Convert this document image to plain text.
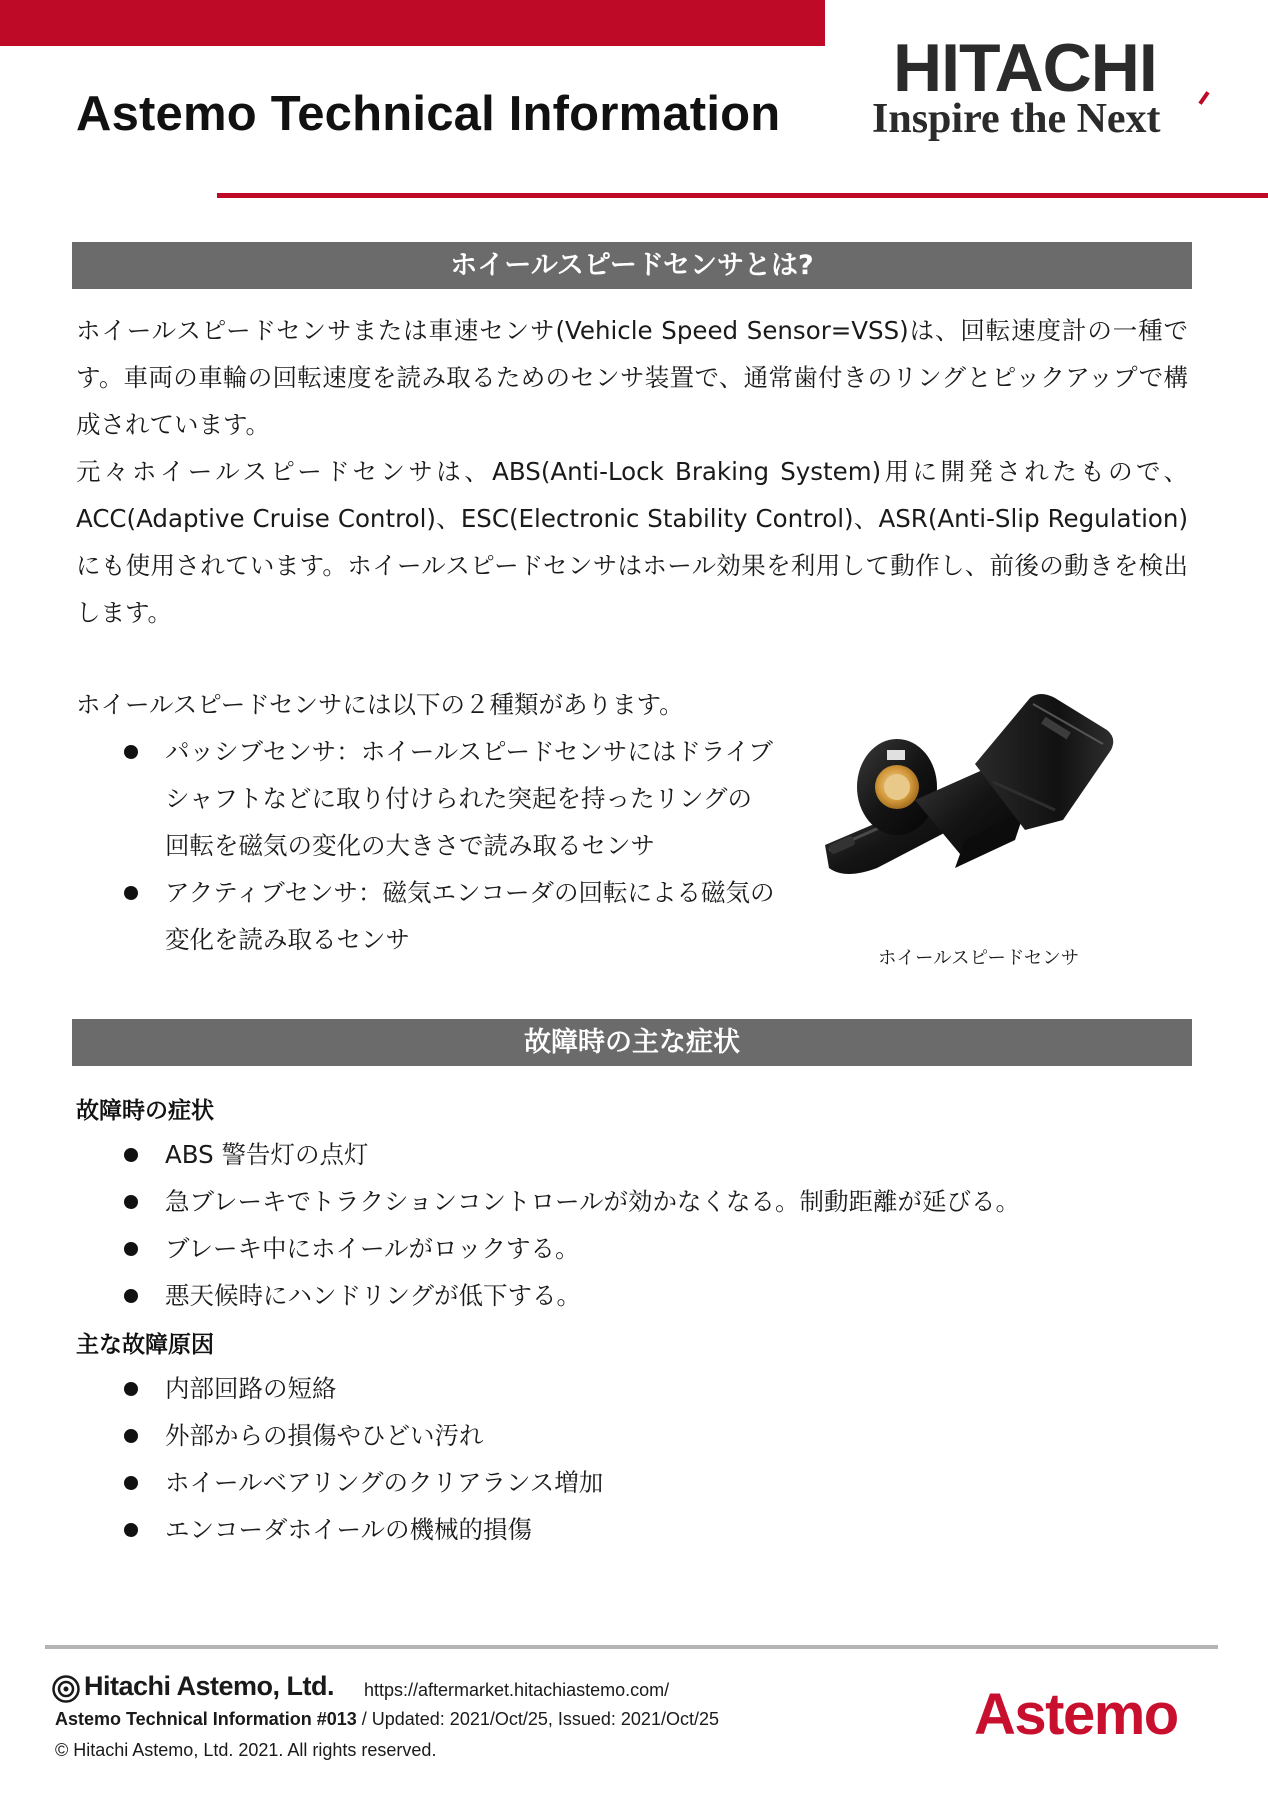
Astemo Technical Information
HITACHI
Inspire the Next
ホイールスピードセンサとは?
ホイールスピードセンサまたは車速センサ(Vehicle Speed Sensor=VSS)は、回転速度計の一種です。車両の車輪の回転速度を読み取るためのセンサ装置で、通常歯付きのリングとピックアップで構成されています。
元々ホイールスピードセンサは、ABS(Anti-Lock Braking System)用に開発されたもので、ACC(Adaptive Cruise Control)、ESC(Electronic Stability Control)、ASR(Anti-Slip Regulation)にも使用されています。ホイールスピードセンサはホール効果を利用して動作し、前後の動きを検出します。
ホイールスピードセンサには以下の２種類があります。
パッシブセンサ：ホイールスピードセンサにはドライブシャフトなどに取り付けられた突起を持ったリングの回転を磁気の変化の大きさで読み取るセンサ
アクティブセンサ：磁気エンコーダの回転による磁気の変化を読み取るセンサ
ホイールスピードセンサ
故障時の主な症状
故障時の症状
ABS 警告灯の点灯
急ブレーキでトラクションコントロールが効かなくなる。制動距離が延びる。
ブレーキ中にホイールがロックする。
悪天候時にハンドリングが低下する。
主な故障原因
内部回路の短絡
外部からの損傷やひどい汚れ
ホイールベアリングのクリアランス増加
エンコーダホイールの機械的損傷
Hitachi Astemo, Ltd. https://aftermarket.hitachiastemo.com/
Astemo Technical Information #013 / Updated: 2021/Oct/25, Issued: 2021/Oct/25
© Hitachi Astemo, Ltd. 2021. All rights reserved.
Astemo
